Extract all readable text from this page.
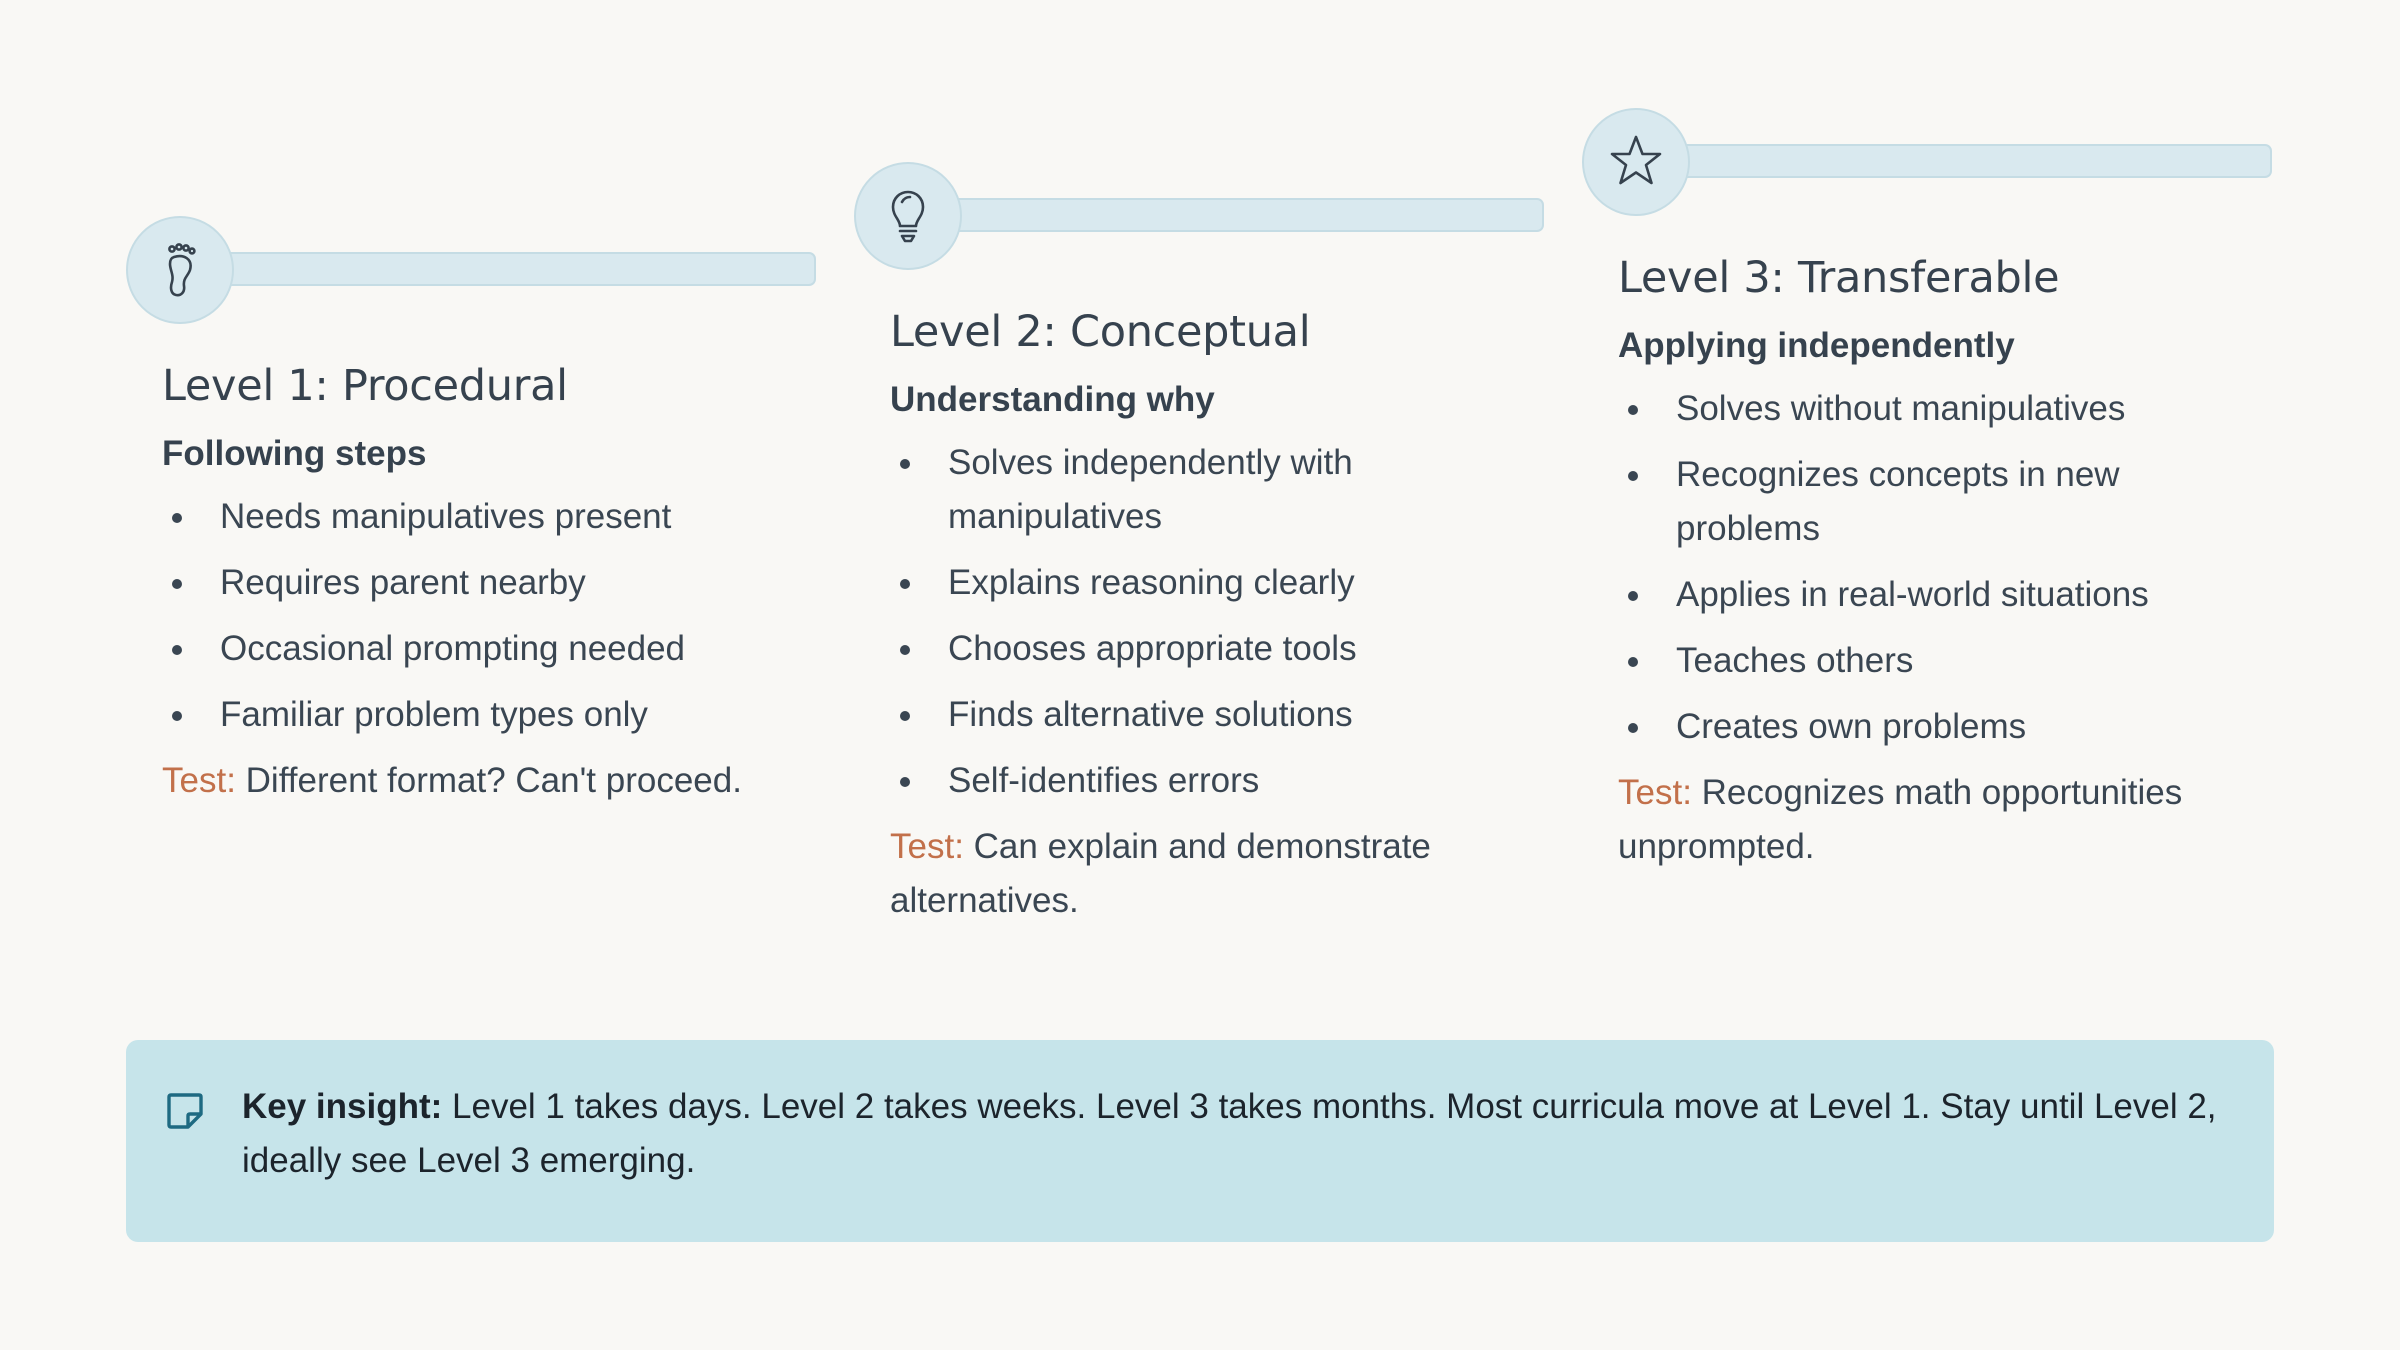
Level 1: Procedural
Following steps
Needs manipulatives present
Requires parent nearby
Occasional prompting needed
Familiar problem types only
Test: Different format? Can't proceed.
Level 2: Conceptual
Understanding why
Solves independently with manipulatives
Explains reasoning clearly
Chooses appropriate tools
Finds alternative solutions
Self-identifies errors
Test: Can explain and demonstrate alternatives.
Level 3: Transferable
Applying independently
Solves without manipulatives
Recognizes concepts in new problems
Applies in real-world situations
Teaches others
Creates own problems
Test: Recognizes math opportunities unprompted.
Key insight: Level 1 takes days. Level 2 takes weeks. Level 3 takes months. Most curricula move at Level 1. Stay until Level 2, ideally see Level 3 emerging.
